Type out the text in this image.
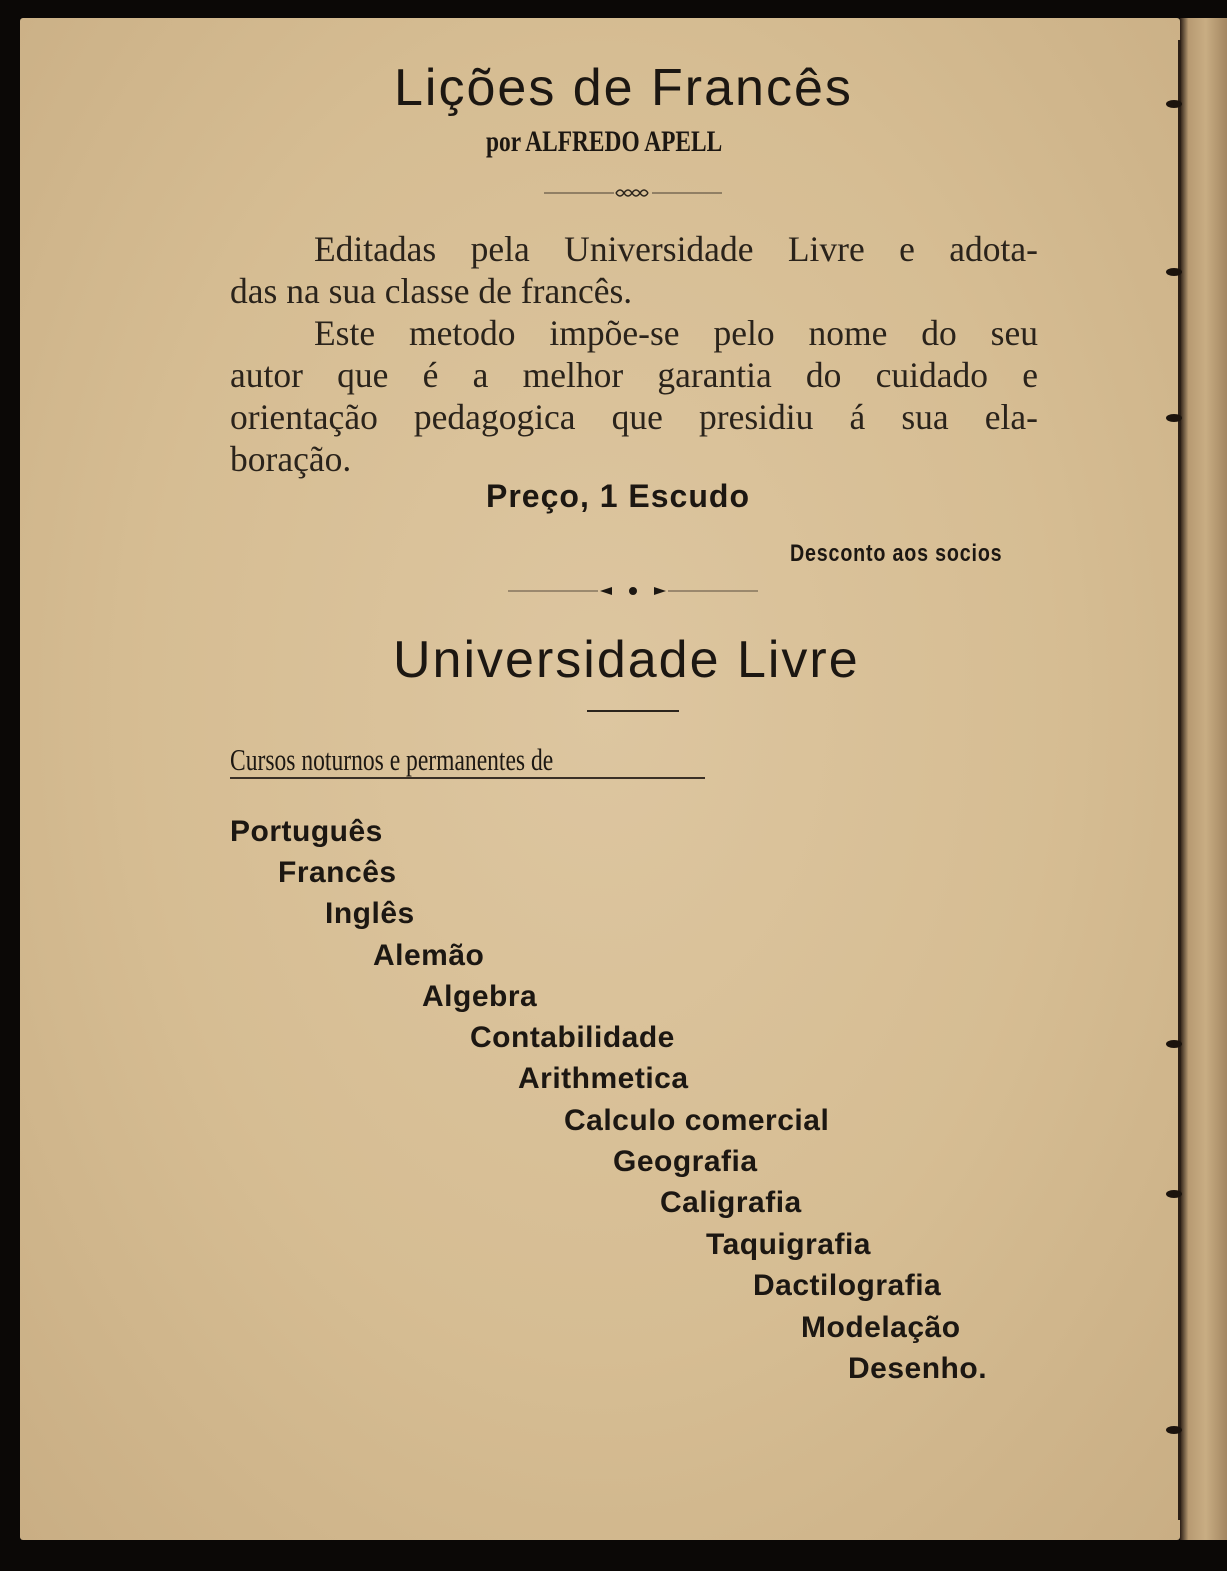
Lições de Francês
por ALFREDO APELL
Editadas pela Universidade Livre e adota-
das na sua classe de francês.
Este metodo impõe-se pelo nome do seu
autor que é a melhor garantia do cuidado e
orientação pedagogica que presidiu á sua ela-
boração.
Preço, 1 Escudo
Desconto aos socios
Universidade Livre
Cursos noturnos e permanentes de
Português
Francês
Inglês
Alemão
Algebra
Contabilidade
Arithmetica
Calculo comercial
Geografia
Caligrafia
Taquigrafia
Dactilografia
Modelação
Desenho.
